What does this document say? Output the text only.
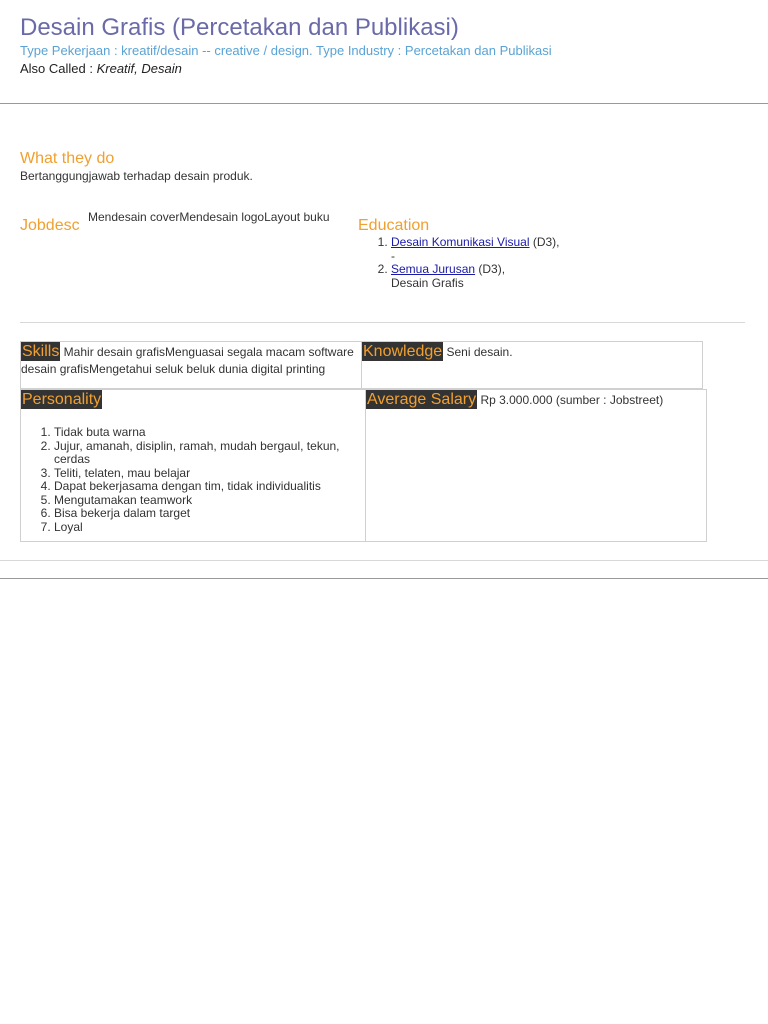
Desain Grafis (Percetakan dan Publikasi)
Type Pekerjaan : kreatif/desain -- creative / design. Type Industry : Percetakan dan Publikasi
Also Called : Kreatif, Desain
What they do
Bertanggungjawab terhadap desain produk.
Jobdesc Mendesain coverMendesain logoLayout buku Education
1. Desain Komunikasi Visual (D3),
-
2. Semua Jurusan (D3),
Desain Grafis
Skills Mahir desain grafisMenguasai segala macam software desain grafisMengetahui seluk beluk dunia digital printing
Knowledge Seni desain.
Personality
1. Tidak buta warna
2. Jujur, amanah, disiplin, ramah, mudah bergaul, tekun, cerdas
3. Teliti, telaten, mau belajar
4. Dapat bekerjasama dengan tim, tidak individualitis
5. Mengutamakan teamwork
6. Bisa bekerja dalam target
7. Loyal
Average Salary Rp 3.000.000 (sumber : Jobstreet)
